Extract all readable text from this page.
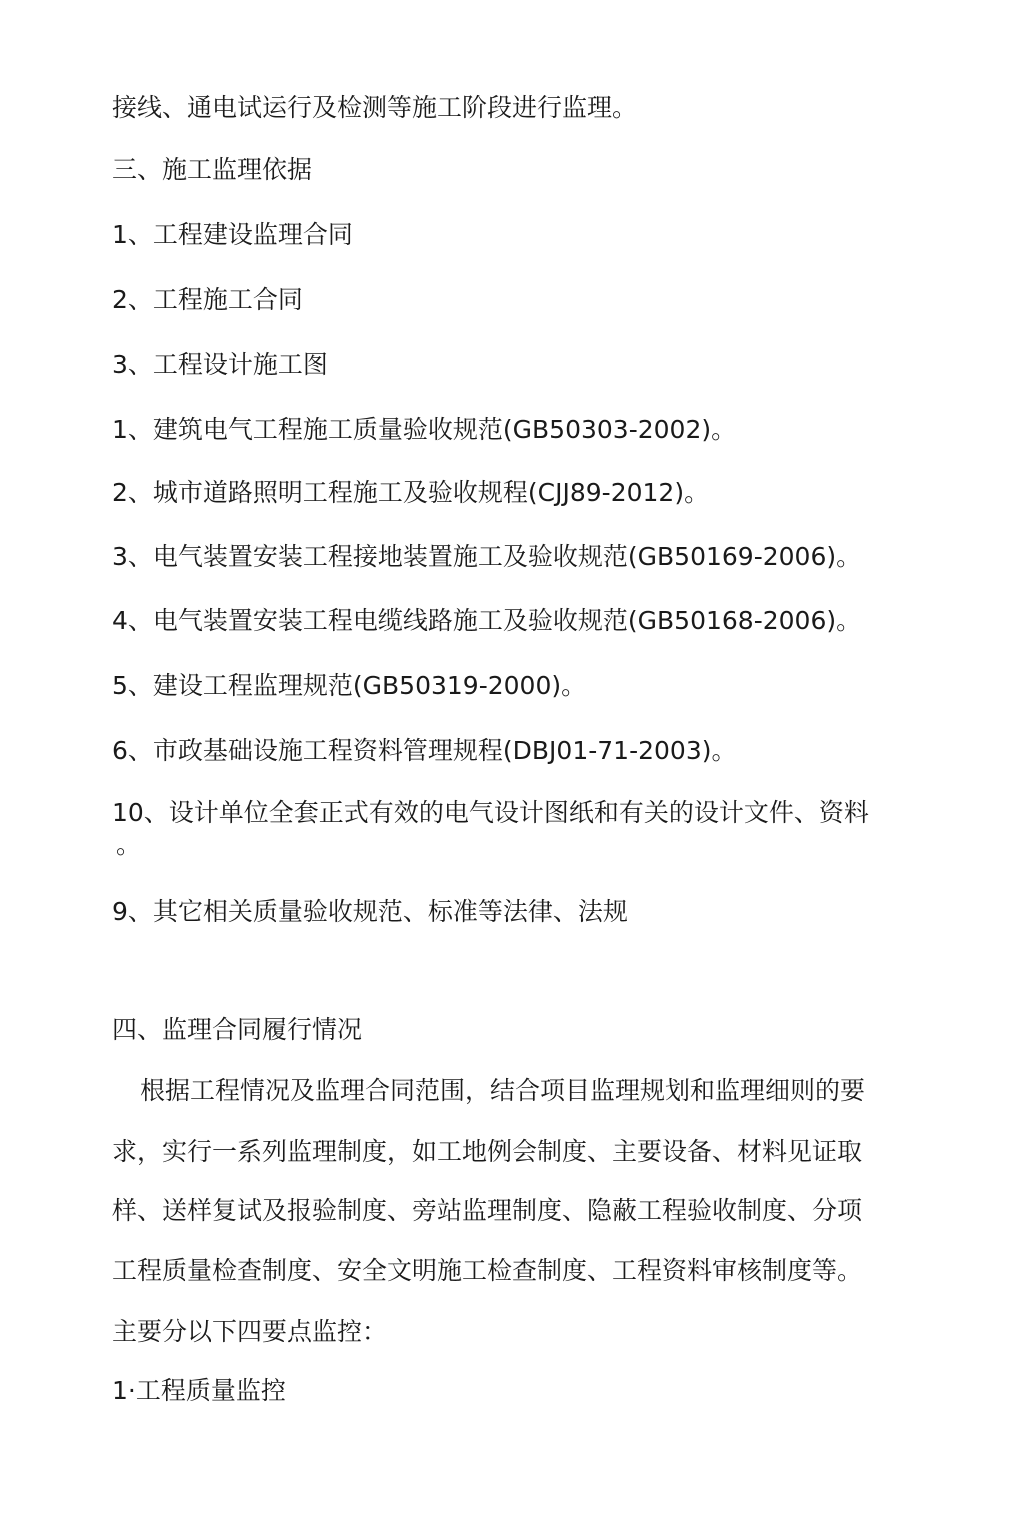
接线、通电试运行及检测等施工阶段进行监理。
三、施工监理依据
1、工程建设监理合同
2、工程施工合同
3、工程设计施工图
1、建筑电气工程施工质量验收规范(GB50303-2002)。
2、城市道路照明工程施工及验收规程(CJJ89-2012)。
3、电气装置安装工程接地装置施工及验收规范(GB50169-2006)。
4、电气装置安装工程电缆线路施工及验收规范(GB50168-2006)。
5、建设工程监理规范(GB50319-2000)。
6、市政基础设施工程资料管理规程(DBJ01-71-2003)。
10、设计单位全套正式有效的电气设计图纸和有关的设计文件、资料
。
9、其它相关质量验收规范、标准等法律、法规
四、监理合同履行情况
根据工程情况及监理合同范围，结合项目监理规划和监理细则的要
求，实行一系列监理制度，如工地例会制度、主要设备、材料见证取
样、送样复试及报验制度、旁站监理制度、隐蔽工程验收制度、分项
工程质量检查制度、安全文明施工检查制度、工程资料审核制度等。
主要分以下四要点监控：
1·工程质量监控
